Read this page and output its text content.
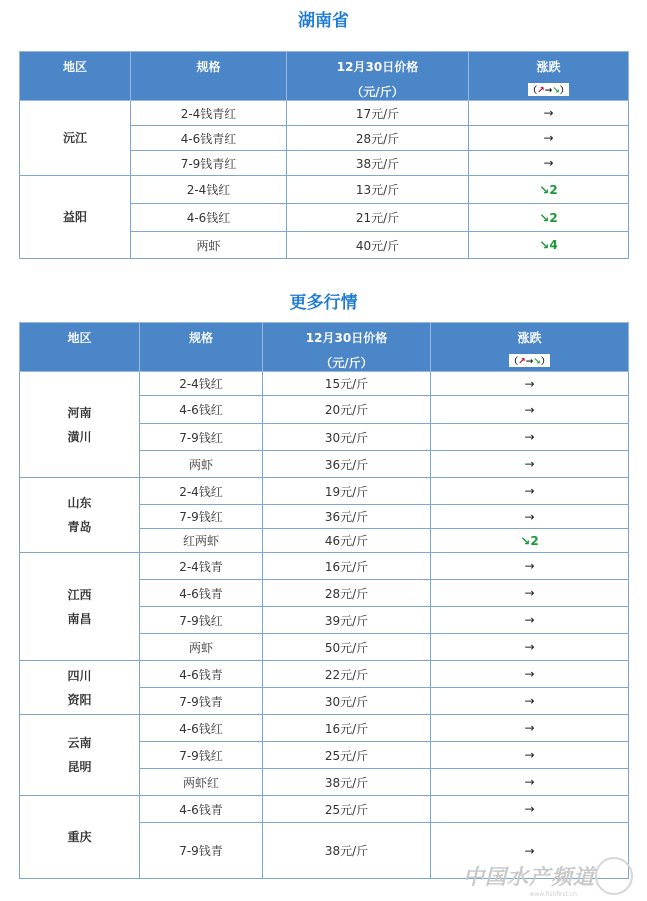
湖南省
地区	规格	12月30日价格
（元/斤）	涨跌
（↗→↘）

沅江	2-4钱青红	17元/斤	→
	4-6钱青红	28元/斤	→
	7-9钱青红	38元/斤	→

益阳	2-4钱红	13元/斤	↘2
	4-6钱红	21元/斤	↘2
	两虾	40元/斤	↘4
更多行情
地区	规格	12月30日价格
（元/斤）	涨跌
（↗→↘）

河南
潢川	2-4钱红	15元/斤	→
	4-6钱红	20元/斤	→
	7-9钱红	30元/斤	→
	两虾	36元/斤	→

山东
青岛	2-4钱红	19元/斤	→
	7-9钱红	36元/斤	→
	红两虾	46元/斤	↘2

江西
南昌	2-4钱青	16元/斤	→
	4-6钱青	28元/斤	→
	7-9钱红	39元/斤	→
	两虾	50元/斤	→

四川
资阳	4-6钱青	22元/斤	→
	7-9钱青	30元/斤	→

云南
昆明	4-6钱红	16元/斤	→
	7-9钱红	25元/斤	→
	两虾红	38元/斤	→

重庆	4-6钱青	25元/斤	→
	7-9钱青	38元/斤	→
中国水产频道
www.fishfirst.cn
